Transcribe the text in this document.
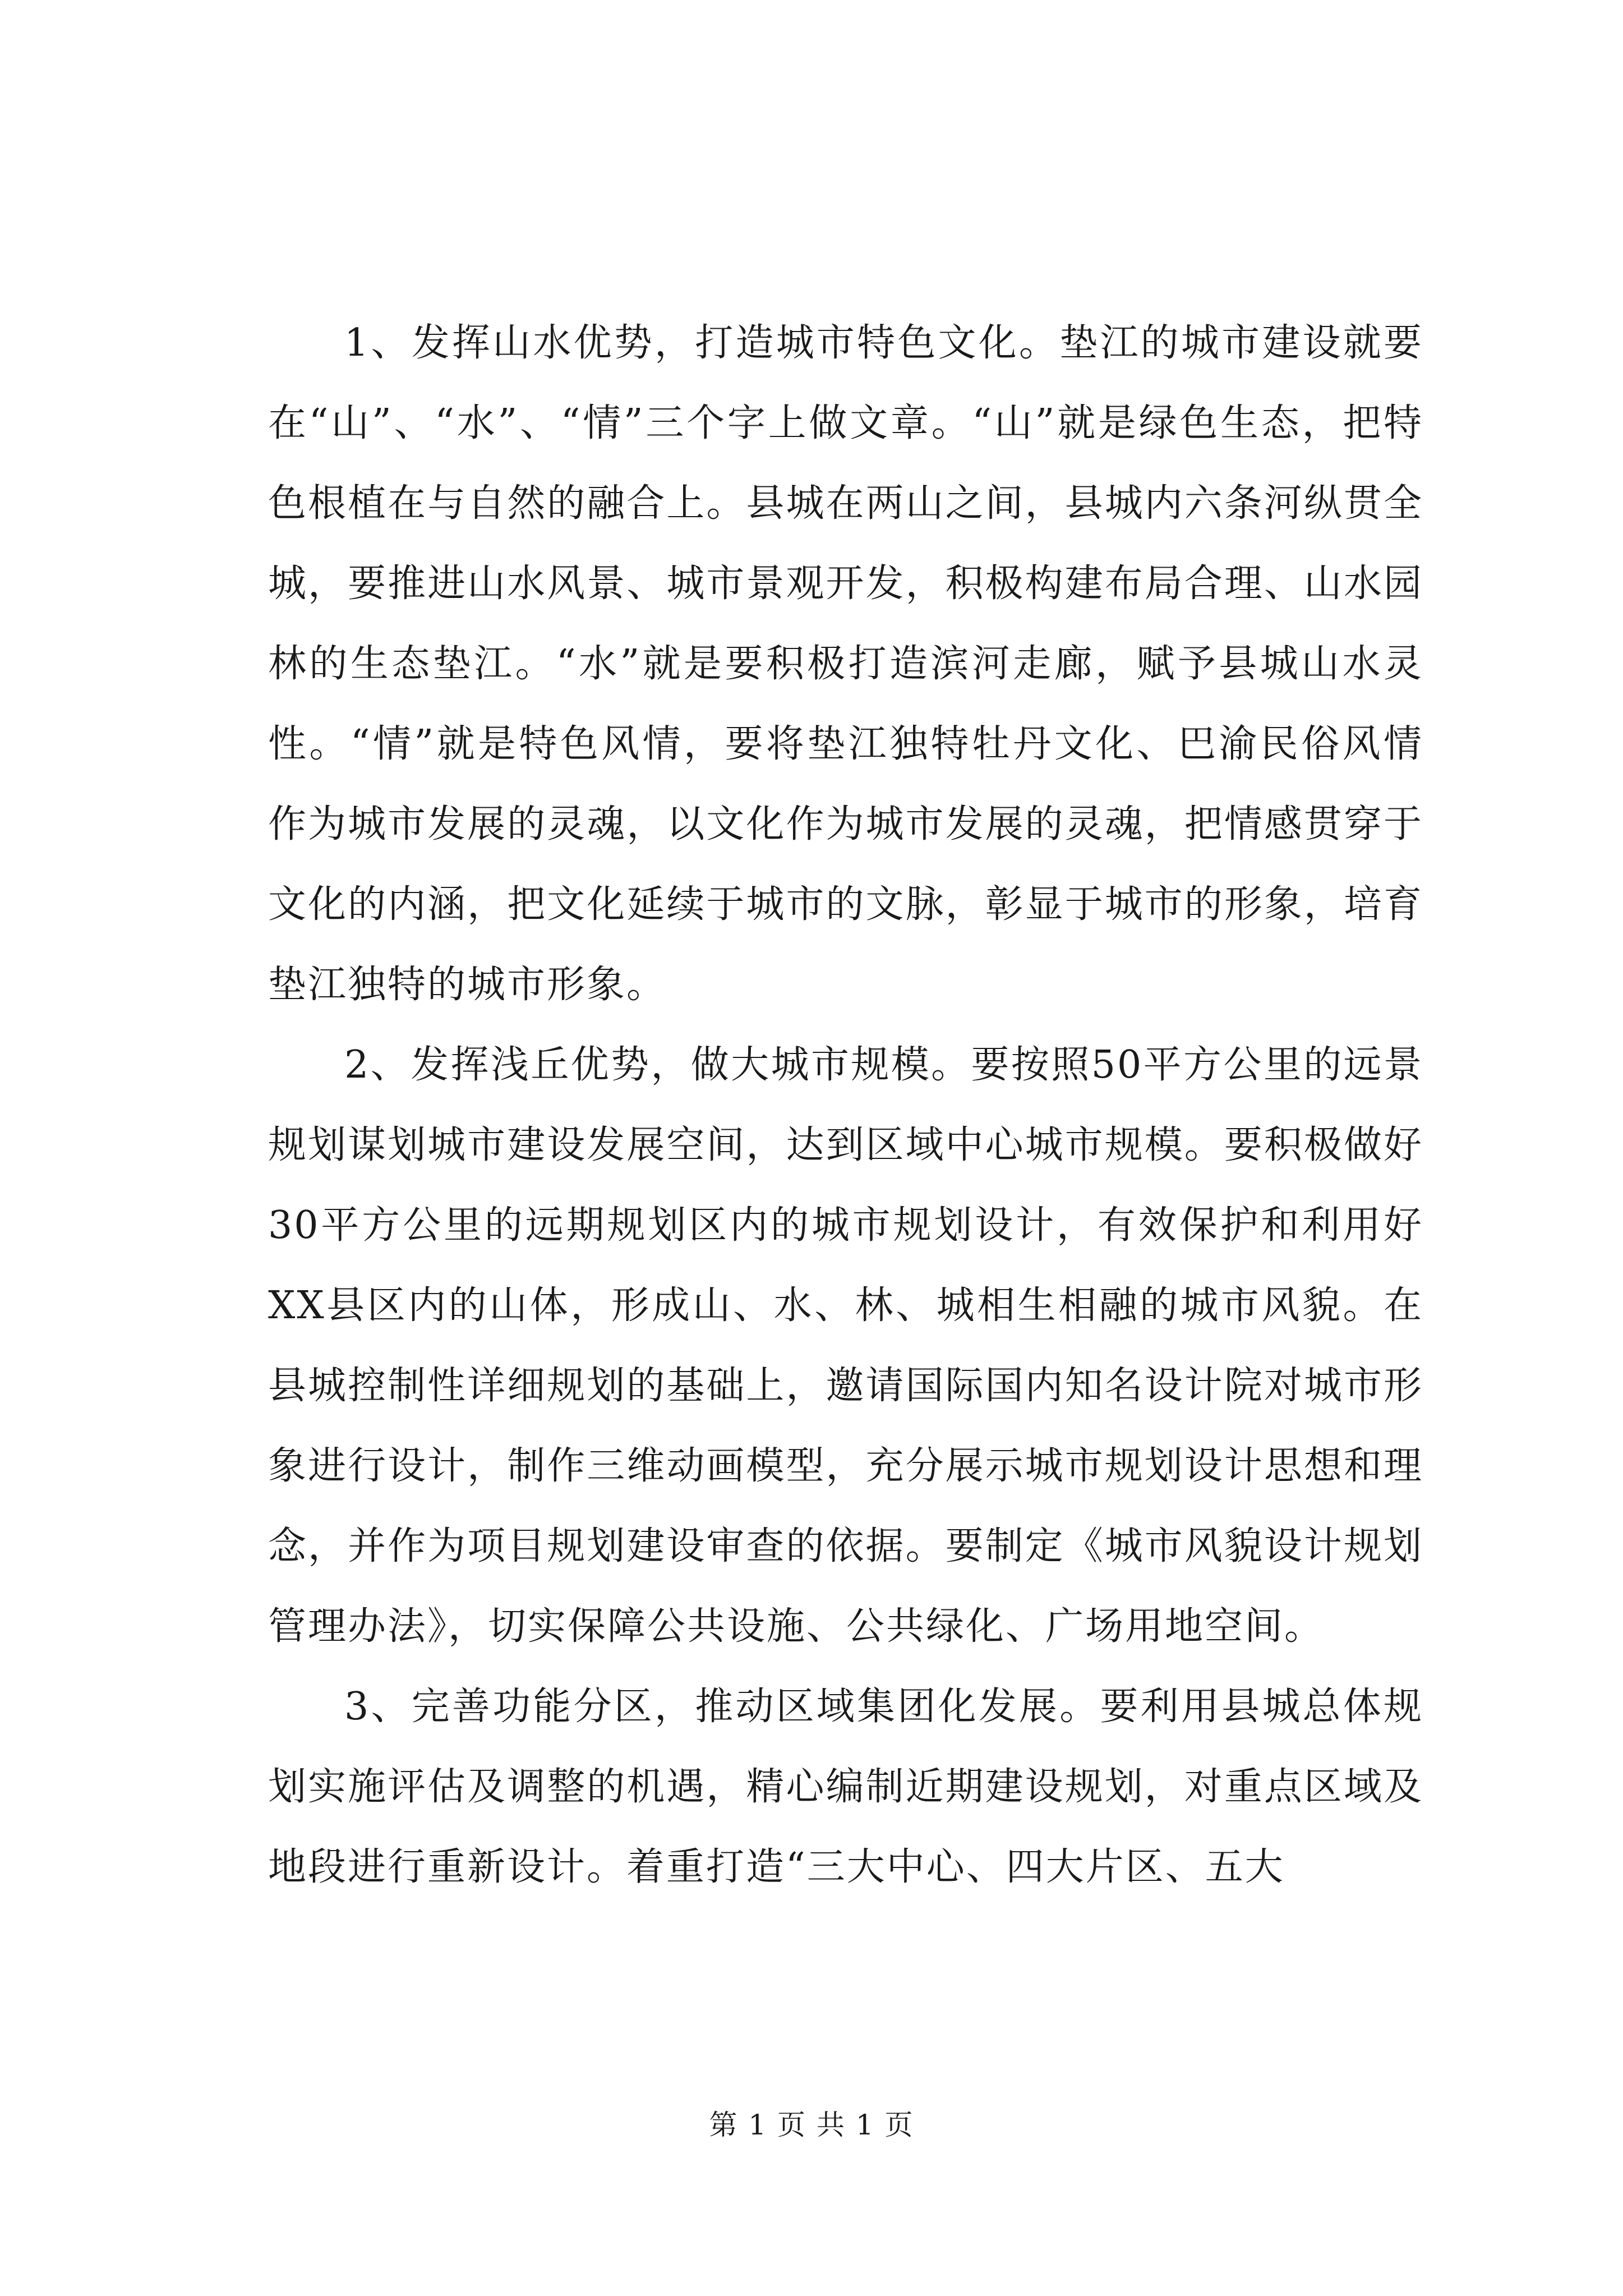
1、发挥山水优势，打造城市特色文化。垫江的城市建设就要在“山”、“水”、“情”三个字上做文章。“山”就是绿色生态，把特色根植在与自然的融合上。县城在两山之间，县城内六条河纵贯全城，要推进山水风景、城市景观开发，积极构建布局合理、山水园林的生态垫江。“水”就是要积极打造滨河走廊，赋予县城山水灵性。“情”就是特色风情，要将垫江独特牡丹文化、巴渝民俗风情作为城市发展的灵魂，以文化作为城市发展的灵魂，把情感贯穿于文化的内涵，把文化延续于城市的文脉，彰显于城市的形象，培育垫江独特的城市形象。

2、发挥浅丘优势，做大城市规模。要按照50平方公里的远景规划谋划城市建设发展空间，达到区域中心城市规模。要积极做好30平方公里的远期规划区内的城市规划设计，有效保护和利用好XX县区内的山体，形成山、水、林、城相生相融的城市风貌。在县城控制性详细规划的基础上，邀请国际国内知名设计院对城市形象进行设计，制作三维动画模型，充分展示城市规划设计思想和理念，并作为项目规划建设审查的依据。要制定《城市风貌设计规划管理办法》，切实保障公共设施、公共绿化、广场用地空间。

3、完善功能分区，推动区域集团化发展。要利用县城总体规划实施评估及调整的机遇，精心编制近期建设规划，对重点区域及地段进行重新设计。着重打造“三大中心、四大片区、五大

第 1 页 共 1 页
